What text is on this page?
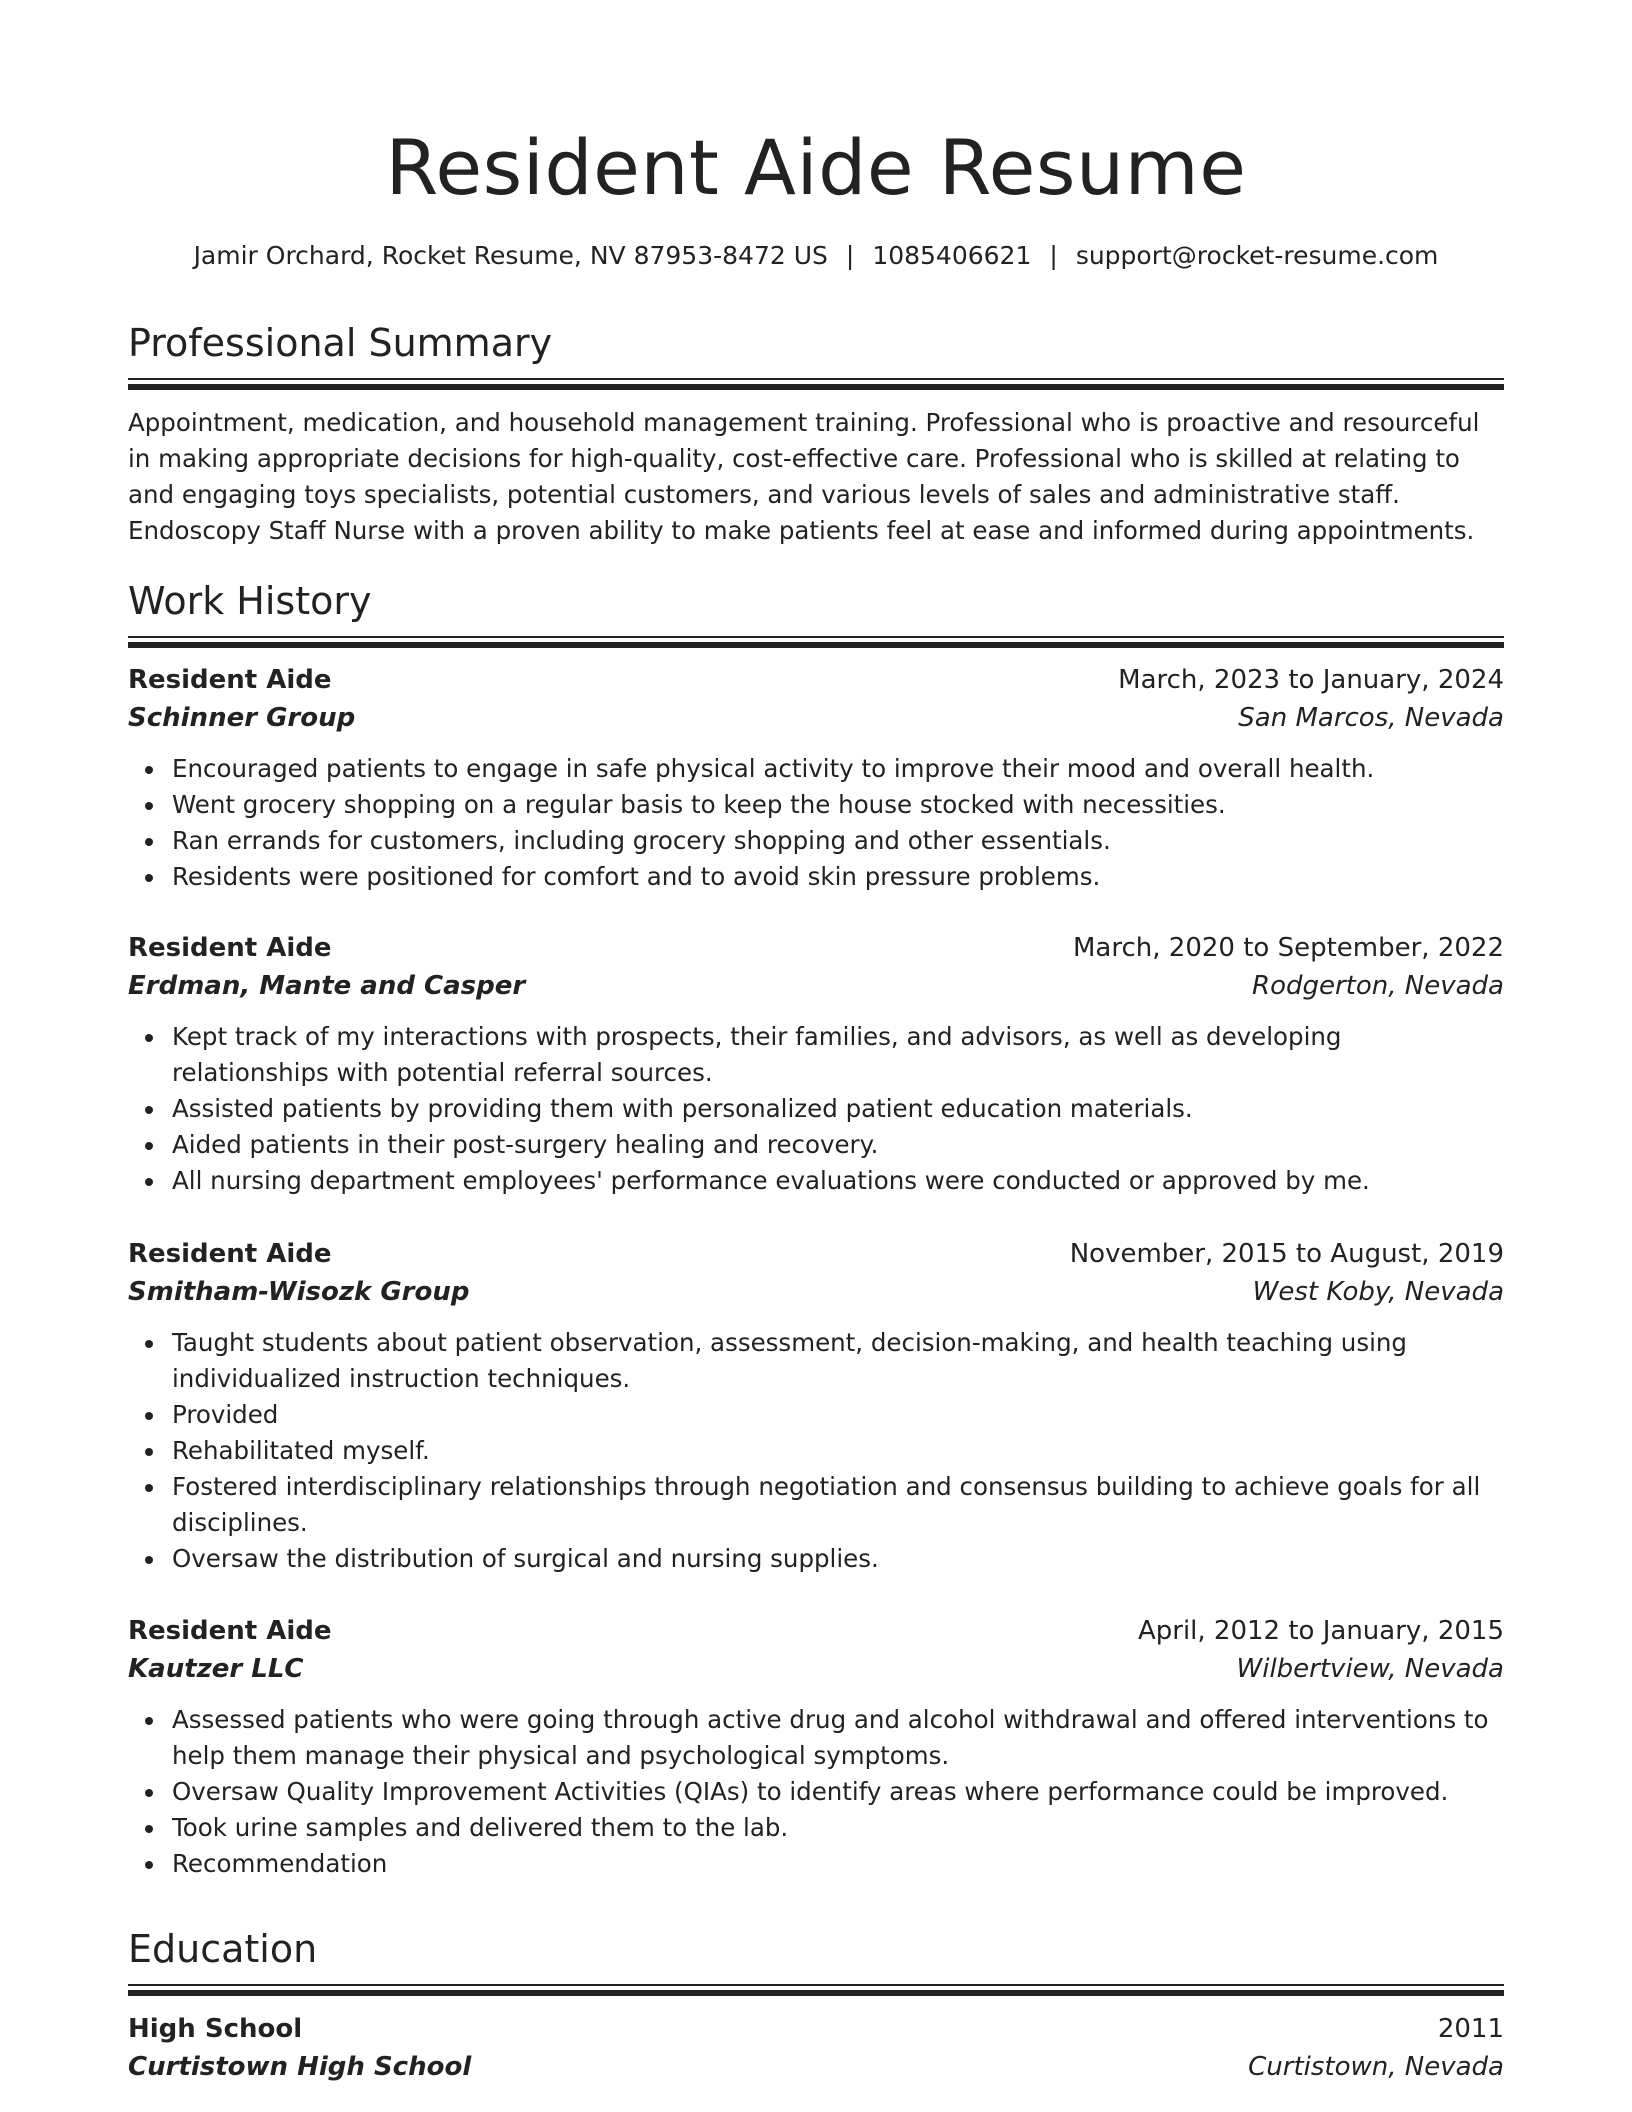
Resident Aide Resume
Jamir Orchard, Rocket Resume, NV 87953-8472 US | 1085406621 | support@rocket-resume.com
Professional Summary
Appointment, medication, and household management training. Professional who is proactive and resourceful in making appropriate decisions for high-quality, cost-effective care. Professional who is skilled at relating to and engaging toys specialists, potential customers, and various levels of sales and administrative staff. Endoscopy Staff Nurse with a proven ability to make patients feel at ease and informed during appointments.
Work History
Resident Aide	March, 2023 to January, 2024
Schinner Group	San Marcos, Nevada
Encouraged patients to engage in safe physical activity to improve their mood and overall health.
Went grocery shopping on a regular basis to keep the house stocked with necessities.
Ran errands for customers, including grocery shopping and other essentials.
Residents were positioned for comfort and to avoid skin pressure problems.
Resident Aide	March, 2020 to September, 2022
Erdman, Mante and Casper	Rodgerton, Nevada
Kept track of my interactions with prospects, their families, and advisors, as well as developing relationships with potential referral sources.
Assisted patients by providing them with personalized patient education materials.
Aided patients in their post-surgery healing and recovery.
All nursing department employees' performance evaluations were conducted or approved by me.
Resident Aide	November, 2015 to August, 2019
Smitham-Wisozk Group	West Koby, Nevada
Taught students about patient observation, assessment, decision-making, and health teaching using individualized instruction techniques.
Provided
Rehabilitated myself.
Fostered interdisciplinary relationships through negotiation and consensus building to achieve goals for all disciplines.
Oversaw the distribution of surgical and nursing supplies.
Resident Aide	April, 2012 to January, 2015
Kautzer LLC	Wilbertview, Nevada
Assessed patients who were going through active drug and alcohol withdrawal and offered interventions to help them manage their physical and psychological symptoms.
Oversaw Quality Improvement Activities (QIAs) to identify areas where performance could be improved.
Took urine samples and delivered them to the lab.
Recommendation
Education
High School	2011
Curtistown High School	Curtistown, Nevada
